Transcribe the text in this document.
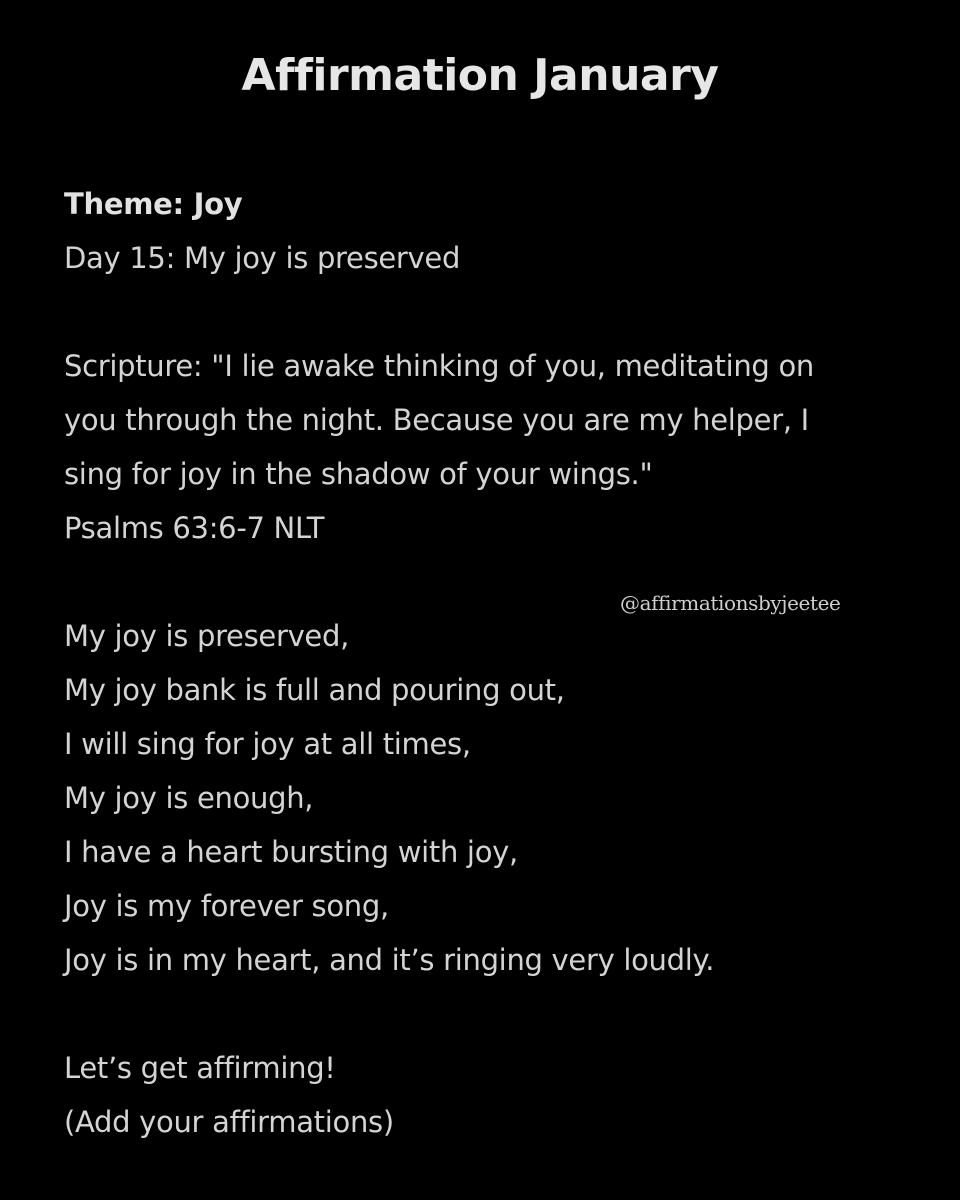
Affirmation January
Theme: Joy
Day 15: My joy is preserved
Scripture: "I lie awake thinking of you, meditating on
you through the night. Because you are my helper, I
sing for joy in the shadow of your wings."
Psalms 63:6-7 NLT
@affirmationsbyjeetee
My joy is preserved,
My joy bank is full and pouring out,
I will sing for joy at all times,
My joy is enough,
I have a heart bursting with joy,
Joy is my forever song,
Joy is in my heart, and it’s ringing very loudly.
Let’s get affirming!
(Add your affirmations)
